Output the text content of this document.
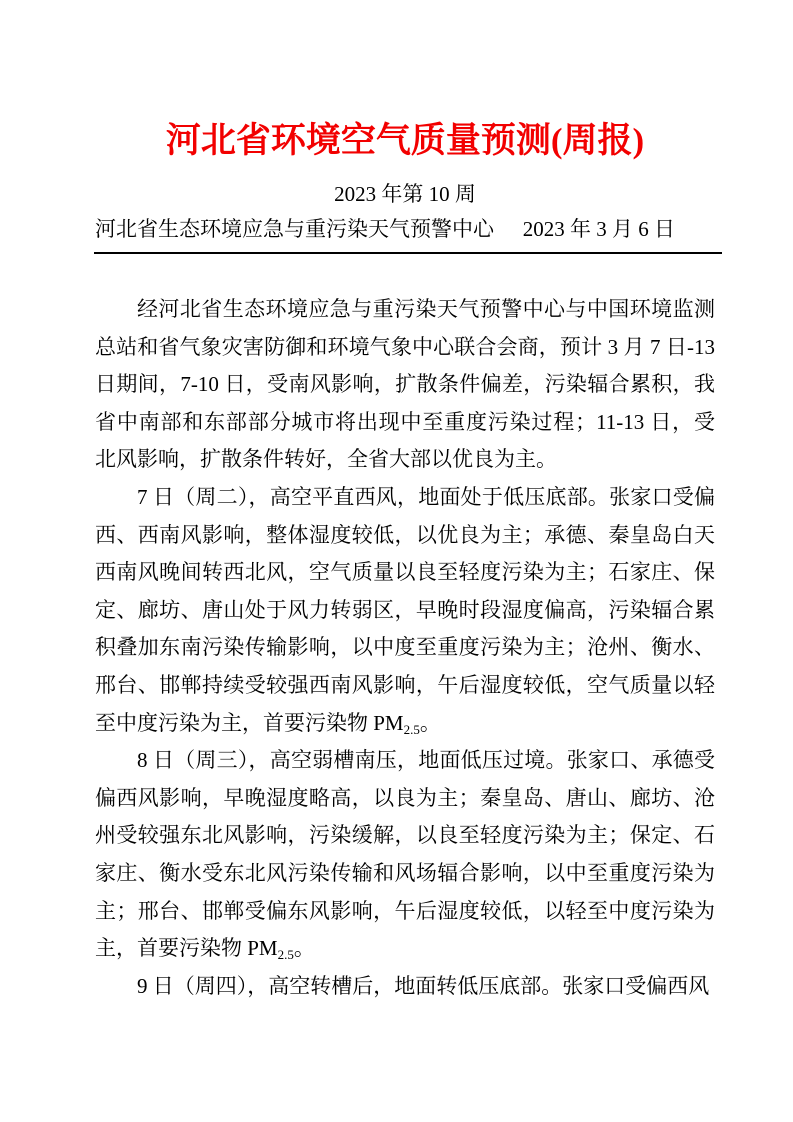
河北省环境空气质量预测(周报)
2023 年第 10 周
河北省生态环境应急与重污染天气预警中心 2023 年 3 月 6 日

经河北省生态环境应急与重污染天气预警中心与中国环境监测总站和省气象灾害防御和环境气象中心联合会商，预计 3 月 7 日-13 日期间，7-10 日，受南风影响，扩散条件偏差，污染辐合累积，我省中南部和东部部分城市将出现中至重度污染过程；11-13 日，受北风影响，扩散条件转好，全省大部以优良为主。

7 日（周二），高空平直西风，地面处于低压底部。张家口受偏西、西南风影响，整体湿度较低，以优良为主；承德、秦皇岛白天西南风晚间转西北风，空气质量以良至轻度污染为主；石家庄、保定、廊坊、唐山处于风力转弱区，早晚时段湿度偏高，污染辐合累积叠加东南污染传输影响，以中度至重度污染为主；沧州、衡水、邢台、邯郸持续受较强西南风影响，午后湿度较低，空气质量以轻至中度污染为主，首要污染物 $PM_{2.5}$。

8 日（周三），高空弱槽南压，地面低压过境。张家口、承德受偏西风影响，早晚湿度略高，以良为主；秦皇岛、唐山、廊坊、沧州受较强东北风影响，污染缓解，以良至轻度污染为主；保定、石家庄、衡水受东北风污染传输和风场辐合影响，以中至重度污染为主；邢台、邯郸受偏东风影响，午后湿度较低，以轻至中度污染为主，首要污染物 $PM_{2.5}$。

9 日（周四），高空转槽后，地面转低压底部。张家口受偏西风
